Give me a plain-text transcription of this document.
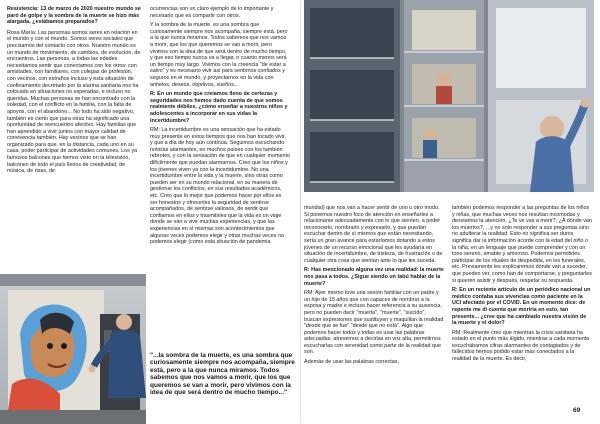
Resistencia: 13 de marzo de 2020 nuestro mundo se paró de golpe y la sombra de la muerte se hizo más alargada, ¿estábamos preparados?

Rosa María: Las personas somos seres en relación en el mundo y con el mundo. Somos seres sociales que precisamos del contacto con otros. Nuestro mundo es un mundo de movimiento, de cambios, de evolución, de encuentros. Las personas, a todas las edades necesitamos sentir que conectamos con los otros: con amistades, con familiares, con colegas de profesión, con vecinos, con extraños incluso y esta situación de confinamiento decretado por la alarma sanitaria nos ha colocado en situaciones no esperadas, e incluso no queridas. Muchas personas se han encontrado con la soledad, con el conflicto en la familia, con la falta de apoyos, con el abandono... No todo ha sido negativo, también es cierto que para otras ha significado una oportunidad de reencuentro afectivo. Hay familias que han aprendido a vivir juntos con mayor calidad de convivencia también. Hay vecinos que se han organizado para que, en la distancia, cada uno en su casa, poder participar de actividades comunes. Los ya famosos balcones que hemos visto en la televisión, balcones de todo el país llenos de creatividad, de música, de risas, de

ocurrencias son un claro ejemplo de lo importante y necesario que es compartir con otros.

Y la sombra de la muerte, es una sombra que curiosamente siempre nos acompaña, siempre está, pero a la que nunca miramos. Todos sabemos que nos vamos a morir, que los que queremos se van a morir, pero vivimos con la idea de que será dentro de mucho tiempo, y que eso tiempo nunca va a llegar, o cuanto menos será un tiempo muy largo. Vivimos con la creencia "de estar a salvo" y es necesario vivir así para sentirnos confiados y seguros en el mundo, y proyectarnos en la vida con anhelos, deseos, objetivos, sueños...

R: En un mundo que creíamos lleno de certezas y seguridades nos hemos dado cuenta de que somos realmente débiles, ¿cómo enseñar a nuestros niños y adolescentes a incorporar en sus vidas la incertidumbre?

RM: La incertidumbre es una sensación que ha estado muy presente en estos tiempos que nos han tocado vivir, y que a día de hoy aún continúa. Seguimos escuchando noticias alarmantes, en muchos países con los también rebrotes, y con la sensación de que en cualquier momento difícilmente que puedan alarmarnos. Creo que los niños y los jóvenes viven ya con la incertidumbre. No una incertidumbre entre la vida y la muerte, sino otras como pueden ser en su mundo relacional, en su manera de gestionar los conflictos, en sus resultados académicos, etc. Creo que lo mejor que podemos hacer por ellos es ser honestos y ofrecerles la seguridad de sentirse acompañados, de sentirse valiosos, de sentir que confiamos en ellos y trasmitirles que la vida es un viaje donde se van a vivir muchas experiencias, y que las experiencias en sí mismas son acontecimientos que algunas veces podemos elegir y otras muchas veces no podemos elegir (como esta situación de pandemia

"...la sombra de la muerte, es una sombra que curiosamente siempre nos acompaña, siempre está, pero a la que nunca miramos. Todos sabemos que nos vamos a morir, que los que queremos se van a morir, pero vivimos con la idea de que será dentro de mucho tiempo..."

mundial) que nos van a hacer sentir de uno u otro modo. Si ponemos nuestro foco de atención en enseñarles a relacionarse adecuadamente con lo que sienten, a poder reconocerlo, nombrarlo y expresarlo, y que puedan escuchar dentro de sí mismos que están necesitando, sería un gran avance para estaríamos dotando a estos jóvenes de un recurso emocional que les ayudaría en situación de incertidumbre, de tristeza, de frustración o de cualquier otra cosa que sientan ante lo que les suceda.

R: Has mencionado alguna vez una realidad: la muerte nos pasa a todos. ¿Sigue siendo un tabú hablar de la muerte?

RM: Ayer mismo tuve una sesión familiar con un padre y un hijo de 15 años que con capaces de nombrar a la esposa y madre e incluso hacer referencia a su ausencia, pero no pueden decir "muerta", "muerte", "suicido", buscan expresiones que sustituyen y maquillan la realidad "desde que se fue" "desde que no está". Algo que podemos hacer todos y todas es usar las palabras adecuadas, atrevernos a decirlas en voz alta, permitirnos escucharlas con serenidad como parte de la realidad que son.

Además de usar las palabras correctas,

también podemos responder a las preguntas de los niños y niñas, que muchas veces nos resultan incomodas y desviamos la atención. ¿Te ve vas a morir?, ¿A dónde van los muertos?, ...y no solo responder a sus preguntas sino no adulterar la realidad. Esto no significa ser duros significa dar la información acorde con la edad del niño o la niña, en un lenguaje que puede comprender y con un tono sereno, amable y amoroso. Podemos permitirles participar de los rituales de despedida, en los funerales, etc. Previamente les explicaremos dónde van a suceder, que pueden ver, como han de comportarse, y preguntarles si quieren asistir y después, respetar su respuesta.

R: En un reciente artículo de un periódico nacional un médico contaba sus vivencias como paciente en la UCI afectado por el COVID. En un momento dice: de repente me di cuenta que moriría en esto, tan presente... ¿cree que ha cambiado nuestra visión de la muerte y el dolor?

RM: Realmente creo que mientras la crisis sanitaria ha estado en el punto más álgido, mientras a cada momento escuchábamos cifras alarmantes de contagiados y de fallecidos hemos podido estar más conectados a la realidad de la muerte. Es decir,

69
